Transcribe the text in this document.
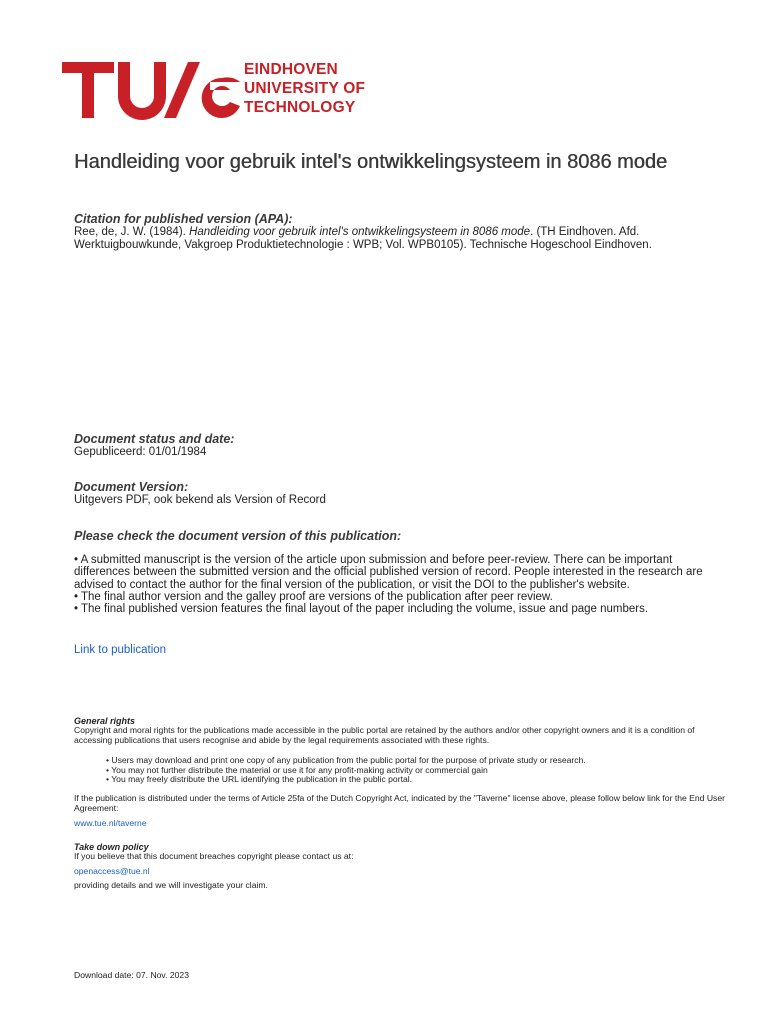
EINDHOVEN
UNIVERSITY OF
TECHNOLOGY
Handleiding voor gebruik intel's ontwikkelingsysteem in 8086 mode

Citation for published version (APA):

Ree, de, J. W. (1984). Handleiding voor gebruik intel's ontwikkelingsysteem in 8086 mode. (TH Eindhoven. Afd. Werktuigbouwkunde, Vakgroep Produktietechnologie : WPB; Vol. WPB0105). Technische Hogeschool Eindhoven.

Document status and date:

Gepubliceerd: 01/01/1984

Document Version:

Uitgevers PDF, ook bekend als Version of Record

Please check the document version of this publication:

• A submitted manuscript is the version of the article upon submission and before peer-review. There can be important differences between the submitted version and the official published version of record. People interested in the research are advised to contact the author for the final version of the publication, or visit the DOI to the publisher's website.

• The final author version and the galley proof are versions of the publication after peer review.

• The final published version features the final layout of the paper including the volume, issue and page numbers.

Link to publication

General rights

Copyright and moral rights for the publications made accessible in the public portal are retained by the authors and/or other copyright owners and it is a condition of accessing publications that users recognise and abide by the legal requirements associated with these rights.

• Users may download and print one copy of any publication from the public portal for the purpose of private study or research.
• You may not further distribute the material or use it for any profit-making activity or commercial gain
• You may freely distribute the URL identifying the publication in the public portal.

If the publication is distributed under the terms of Article 25fa of the Dutch Copyright Act, indicated by the "Taverne" license above, please follow below link for the End User Agreement:

www.tue.nl/taverne

Take down policy

If you believe that this document breaches copyright please contact us at:

openaccess@tue.nl

providing details and we will investigate your claim.

Download date: 07. Nov. 2023
